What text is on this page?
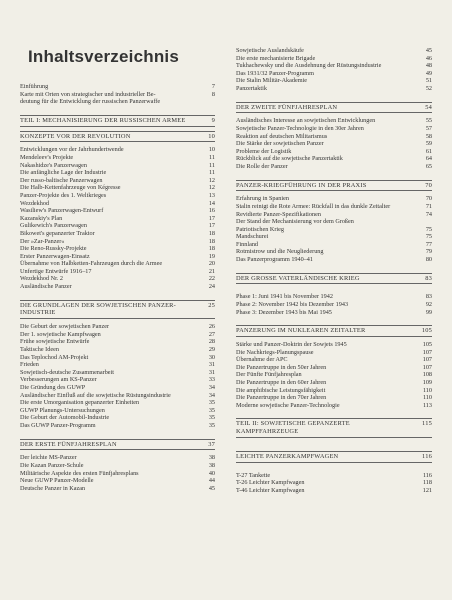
Inhaltsverzeichnis
Einführung	7
Karte mit Orten von strategischer und industrieller Be-	8
deutung für die Entwicklung der russischen Panzerwaffe
TEIL I: MECHANISIERUNG DER RUSSISCHEN ARMEE	9
KONZEPTE VOR DER REVOLUTION	10
Entwicklungen vor der Jahrhundertwende	10
Mendeleev's Projekte	11
Nakashidze's Panzerwagen	11
Die anfängliche Lage der Industrie	11
Der russo-baltische Panzerwagen	12
Die Halb-Kettenfahrzeuge von Kégresse	12
Panzer-Projekte des 1. Weltkrieges	13
Wezdekhod	14
Wasiliew's Panzerwagen-Entwurf	16
Kazanskiy's Plan	17
Gulikewich's Panzerwagen	17
Bikowet's gepanzerter Traktor	18
Der »Zar-Panzer«	18
Die Reno-Russky-Projekte	18
Erster Panzerwagen-Einsatz	19
Übernahme von Halbketten-Fahrzeugen durch die Armee	20
Unfertige Entwürfe 1916–17	21
Wezdekhod Nr. 2	22
Ausländische Panzer	24
DIE GRUNDLAGEN DER SOWJETISCHEN PANZER-INDUSTRIE
25
Die Geburt der sowjetischen Panzer	26
Der 1. sowjetische Kampfwagen	27
Frühe sowjetische Entwürfe	28
Taktische Ideen	29
Das Teplochod AM-Projekt	30
Frieden	31
Sowjetisch-deutsche Zusammenarbeit	31
Verbesserungen am KS-Panzer	33
Die Gründung des GUWP	34
Ausländischer Einfluß auf die sowjetische Rüstungsindustrie	34
Die erste Umorganisation gepanzerter Einheiten	35
GUWP Planungs-Untersuchungen	35
Die Geburt der Automobil-Industrie	35
Das GUWP Panzer-Programm	35
DER ERSTE FÜNFJAHRESPLAN	37
Der leichte MS-Panzer	38
Die Kazan Panzer-Schule	38
Militärische Aspekte des ersten Fünfjahresplans	40
Neue GUWP Panzer-Modelle	44
Deutsche Panzer in Kazan	45
Sowjetische Auslandskäufe	45
Die erste mechanisierte Brigade	46
Tukhachewsky und die Ausdehnung der Rüstungsindustrie	48
Das 1931/32 Panzer-Programm	49
Die Stalin Militär-Akademie	51
Panzertaktik	52
DER ZWEITE FÜNFJAHRESPLAN	54
Ausländisches Interesse an sowjetischen Entwicklungen	55
Sowjetische Panzer-Technologie in den 30er Jahren	57
Reaktion auf deutschen Militarismus	58
Die Stärke der sowjetischen Panzer	59
Probleme der Logistik	61
Rückblick auf die sowjetische Panzertaktik	64
Die Rolle der Panzer	65
PANZER-KRIEGFÜHRUNG IN DER PRAXIS	70
Erfahrung in Spanien	70
Stalin reinigt die Rote Armee: Rückfall in das dunkle Zeitalter	71
Revidierte Panzer-Spezifikationen	74
Der Stand der Mechanisierung vor dem Großen
Patriotischen Krieg	75
Mandschurei	75
Finnland	77
Rotmistrow und die Neugliederung	79
Das Panzerprogramm 1940–41	80
DER GROSSE VATERLÄNDISCHE KRIEG	83
Phase 1: Juni 1941 bis November 1942	83
Phase 2: November 1942 bis Dezember 1943	92
Phase 3: Dezember 1943 bis Mai 1945	99
PANZERUNG IM NUKLEAREN ZEITALTER	105
Stärke und Panzer-Doktrin der Sowjets 1945	105
Die Nachkriegs-Planungspause	107
Übernahme der APC	107
Die Panzertruppe in den 50er Jahren	107
Der Fünfte Fünfjahresplan	108
Die Panzertruppe in den 60er Jahren	109
Die amphibische Leistungsfähigkeit	110
Die Panzertruppe in den 70er Jahren	110
Moderne sowjetische Panzer-Technologie	113
TEIL II: SOWJETISCHE GEPANZERTE KAMPFFAHRZEUGE
115
LEICHTE PANZERKAMPFWAGEN	116
T-27 Tankette	116
T-26 Leichter Kampfwagen	118
T-46 Leichter Kampfwagen	121
